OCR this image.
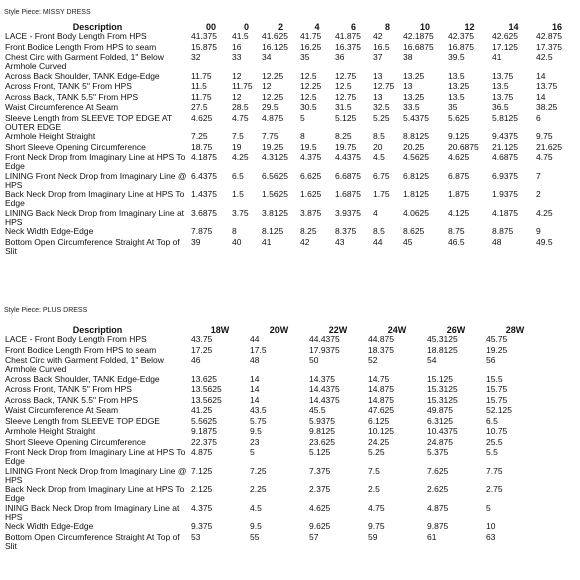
Style Piece: MISSY DRESS
Description	00	0	2	4	6	8	10	12	14	16
LACE - Front Body Length From HPS	41.375	41.5	41.625	41.75	41.875	42	42.1875	42.375	42.625	42.875
Front Bodice Length From HPS to seam	15.875	16	16.125	16.25	16.375	16.5	16.6875	16.875	17.125	17.375
Chest Circ with Garment Folded, 1" Below Armhole Curved	32	33	34	35	36	37	38	39.5	41	42.5
Across Back Shoulder, TANK Edge-Edge	11.75	12	12.25	12.5	12.75	13	13.25	13.5	13.75	14
Across Front, TANK 5" From HPS	11.5	11.75	12	12.25	12.5	12.75	13	13.25	13.5	13.75
Across Back, TANK 5.5" From HPS	11.75	12	12.25	12.5	12.75	13	13.25	13.5	13.75	14
Waist Circumference At Seam	27.5	28.5	29.5	30.5	31.5	32.5	33.5	35	36.5	38.25
Sleeve Length from SLEEVE TOP EDGE AT OUTER EDGE	4.625	4.75	4.875	5	5.125	5.25	5.4375	5.625	5.8125	6
Armhole Height Straight	7.25	7.5	7.75	8	8.25	8.5	8.8125	9.125	9.4375	9.75
Short Sleeve Opening Circumference	18.75	19	19.25	19.5	19.75	20	20.25	20.6875	21.125	21.625
Front Neck Drop from Imaginary Line at HPS To Edge	4.1875	4.25	4.3125	4.375	4.4375	4.5	4.5625	4.625	4.6875	4.75
LINING Front Neck Drop from Imaginary Line @ HPS	6.4375	6.5	6.5625	6.625	6.6875	6.75	6.8125	6.875	6.9375	7
Back Neck Drop from Imaginary Line at HPS To Edge	1.4375	1.5	1.5625	1.625	1.6875	1.75	1.8125	1.875	1.9375	2
LINING Back Neck Drop from Imaginary Line at HPS	3.6875	3.75	3.8125	3.875	3.9375	4	4.0625	4.125	4.1875	4.25
Neck Width Edge-Edge	7.875	8	8.125	8.25	8.375	8.5	8.625	8.75	8.875	9
Bottom Open Circumference Straight At Top of Slit	39	40	41	42	43	44	45	46.5	48	49.5
Style Piece: PLUS DRESS
Description	18W	20W	22W	24W	26W	28W
LACE - Front Body Length From HPS	43.75	44	44.4375	44.875	45.3125	45.75
Front Bodice Length From HPS to seam	17.25	17.5	17.9375	18.375	18.8125	19.25
Chest Circ with Garment Folded, 1" Below Armhole Curved	46	48	50	52	54	56
Across Back Shoulder, TANK Edge-Edge	13.625	14	14.375	14.75	15.125	15.5
Across Front, TANK 5" From HPS	13.5625	14	14.4375	14.875	15.3125	15.75
Across Back, TANK 5.5" From HPS	13.5625	14	14.4375	14.875	15.3125	15.75
Waist Circumference At Seam	41.25	43.5	45.5	47.625	49.875	52.125
Sleeve Length from SLEEVE TOP EDGE	5.5625	5.75	5.9375	6.125	6.3125	6.5
Armhole Height Straight	9.1875	9.5	9.8125	10.125	10.4375	10.75
Short Sleeve Opening Circumference	22.375	23	23.625	24.25	24.875	25.5
Front Neck Drop from Imaginary Line at HPS To Edge	4.875	5	5.125	5.25	5.375	5.5
LINING Front Neck Drop from Imaginary Line @ HPS	7.125	7.25	7.375	7.5	7.625	7.75
Back Neck Drop from Imaginary Line at HPS To Edge	2.125	2.25	2.375	2.5	2.625	2.75
INING Back Neck Drop from Imaginary Line at HPS	4.375	4.5	4.625	4.75	4.875	5
Neck Width Edge-Edge	9.375	9.5	9.625	9.75	9.875	10
Bottom Open Circumference Straight At Top of Slit	53	55	57	59	61	63
